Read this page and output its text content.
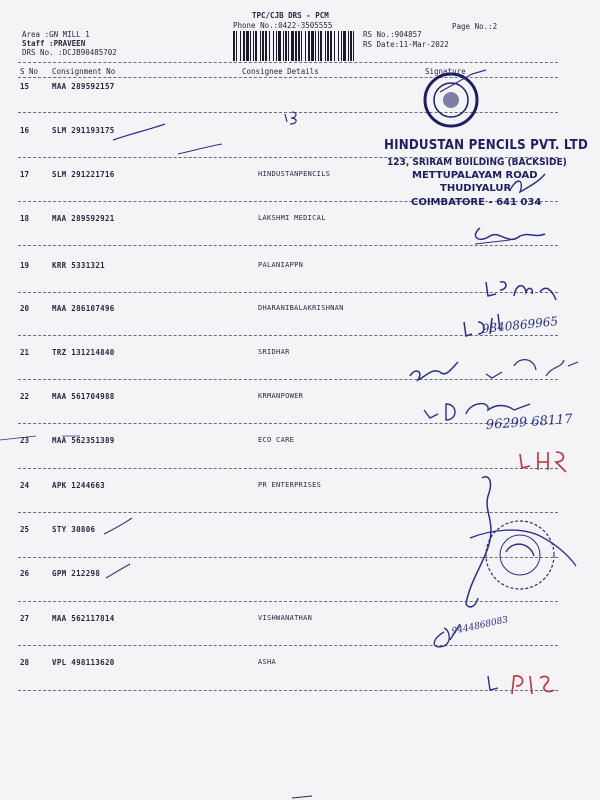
TPC/CJB DRS - PCM
Phone No.:0422-3505555
Area :GN MILL 1
Staff :PRAVEEN
DRS No. :DCJB90485702
RS No.:904857
RS Date:11-Mar-2022
Page No.:2
S No Consignment No	Consignee Details	Signature
15	MAA 289592157
16	SLM 291193175
17	SLM 291221716	HINDUSTANPENCILS
18	MAA 289592921	LAKSHMI MEDICAL
19	KRR 5331321	PALANIAPPN
20	MAA 286107496	DHARANIBALAKRISHNAN
21	TRZ 131214840	SRIDHAR
22	MAA 561704988	KRMANPOWER
23	MAA 562351389	ECO CARE
24	APK 1244663	PR ENTERPRISES
25	STY 30806
26	GPM 212298
27	MAA 562117814	VISHWANATHAN
28	VPL 498113620	ASHA
HINDUSTAN PENCILS PVT. LTD
123, SRIRAM BUILDING (BACKSIDE)
METTUPALAYAM ROAD
THUDIYALUR
COIMBATORE - 641 034
9840869965
96299 68117
9444868083
